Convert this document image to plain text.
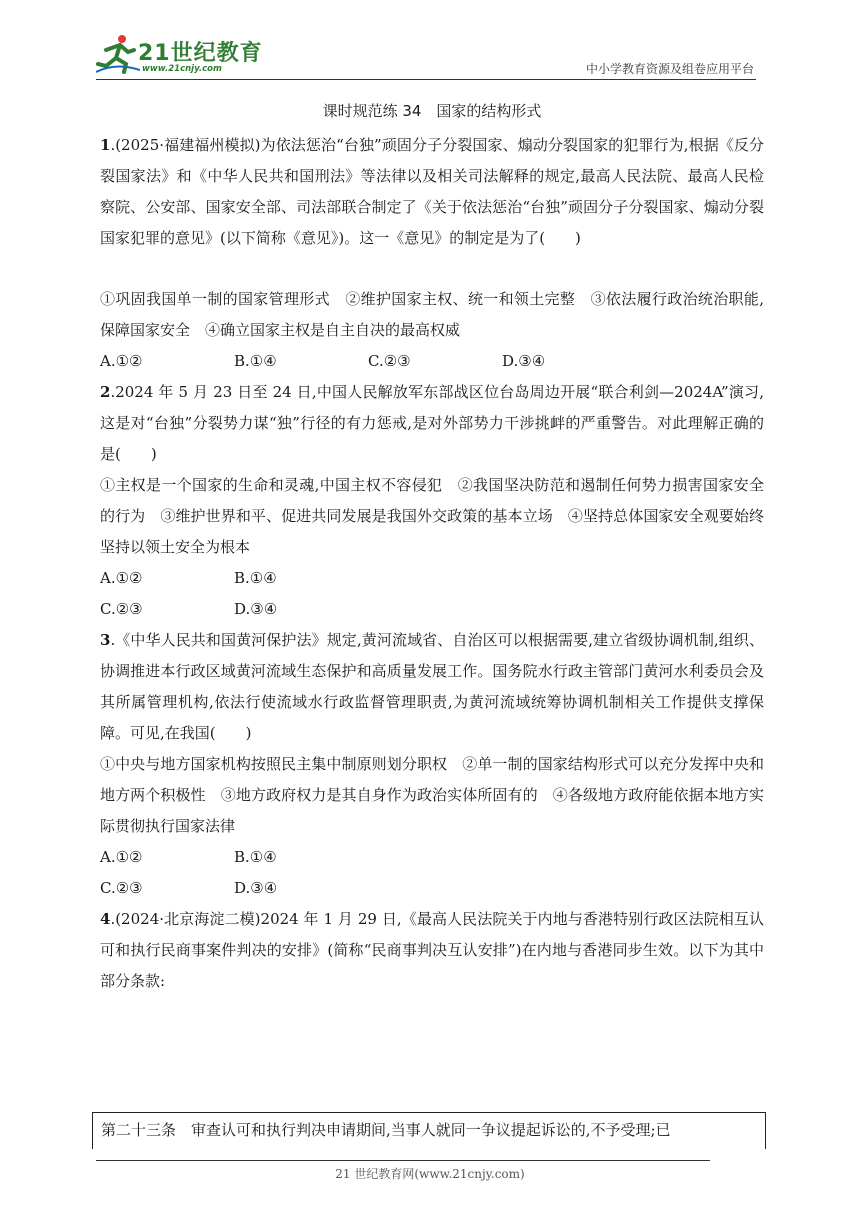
21世纪教育
www.21cnjy.com	中小学教育资源及组卷应用平台
课时规范练 34　国家的结构形式

1.(2025·福建福州模拟)为依法惩治“台独”顽固分子分裂国家、煽动分裂国家的犯罪行为,根据《反分裂国家法》和《中华人民共和国刑法》等法律以及相关司法解释的规定,最高人民法院、最高人民检察院、公安部、国家安全部、司法部联合制定了《关于依法惩治“台独”顽固分子分裂国家、煽动分裂国家犯罪的意见》(以下简称《意见》)。这一《意见》的制定是为了(　　)

①巩固我国单一制的国家管理形式　②维护国家主权、统一和领土完整　③依法履行政治统治职能,保障国家安全　④确立国家主权是自主自决的最高权威

A.①②	B.①④	C.②③	D.③④

2.2024 年 5 月 23 日至 24 日,中国人民解放军东部战区位台岛周边开展“联合利剑—2024A”演习,这是对“台独”分裂势力谋“独”行径的有力惩戒,是对外部势力干涉挑衅的严重警告。对此理解正确的是(　　)

①主权是一个国家的生命和灵魂,中国主权不容侵犯　②我国坚决防范和遏制任何势力损害国家安全的行为　③维护世界和平、促进共同发展是我国外交政策的基本立场　④坚持总体国家安全观要始终坚持以领土安全为根本

A.①②	B.①④
C.②③	D.③④

3.《中华人民共和国黄河保护法》规定,黄河流域省、自治区可以根据需要,建立省级协调机制,组织、协调推进本行政区域黄河流域生态保护和高质量发展工作。国务院水行政主管部门黄河水利委员会及其所属管理机构,依法行使流域水行政监督管理职责,为黄河流域统筹协调机制相关工作提供支撑保障。可见,在我国(　　)

①中央与地方国家机构按照民主集中制原则划分职权　②单一制的国家结构形式可以充分发挥中央和地方两个积极性　③地方政府权力是其自身作为政治实体所固有的　④各级地方政府能依据本地方实际贯彻执行国家法律

A.①②	B.①④
C.②③	D.③④

4.(2024·北京海淀二模)2024 年 1 月 29 日,《最高人民法院关于内地与香港特别行政区法院相互认可和执行民商事案件判决的安排》(简称“民商事判决互认安排”)在内地与香港同步生效。以下为其中部分条款:

第二十三条　审查认可和执行判决申请期间,当事人就同一争议提起诉讼的,不予受理;已

21 世纪教育网(www.21cnjy.com)
